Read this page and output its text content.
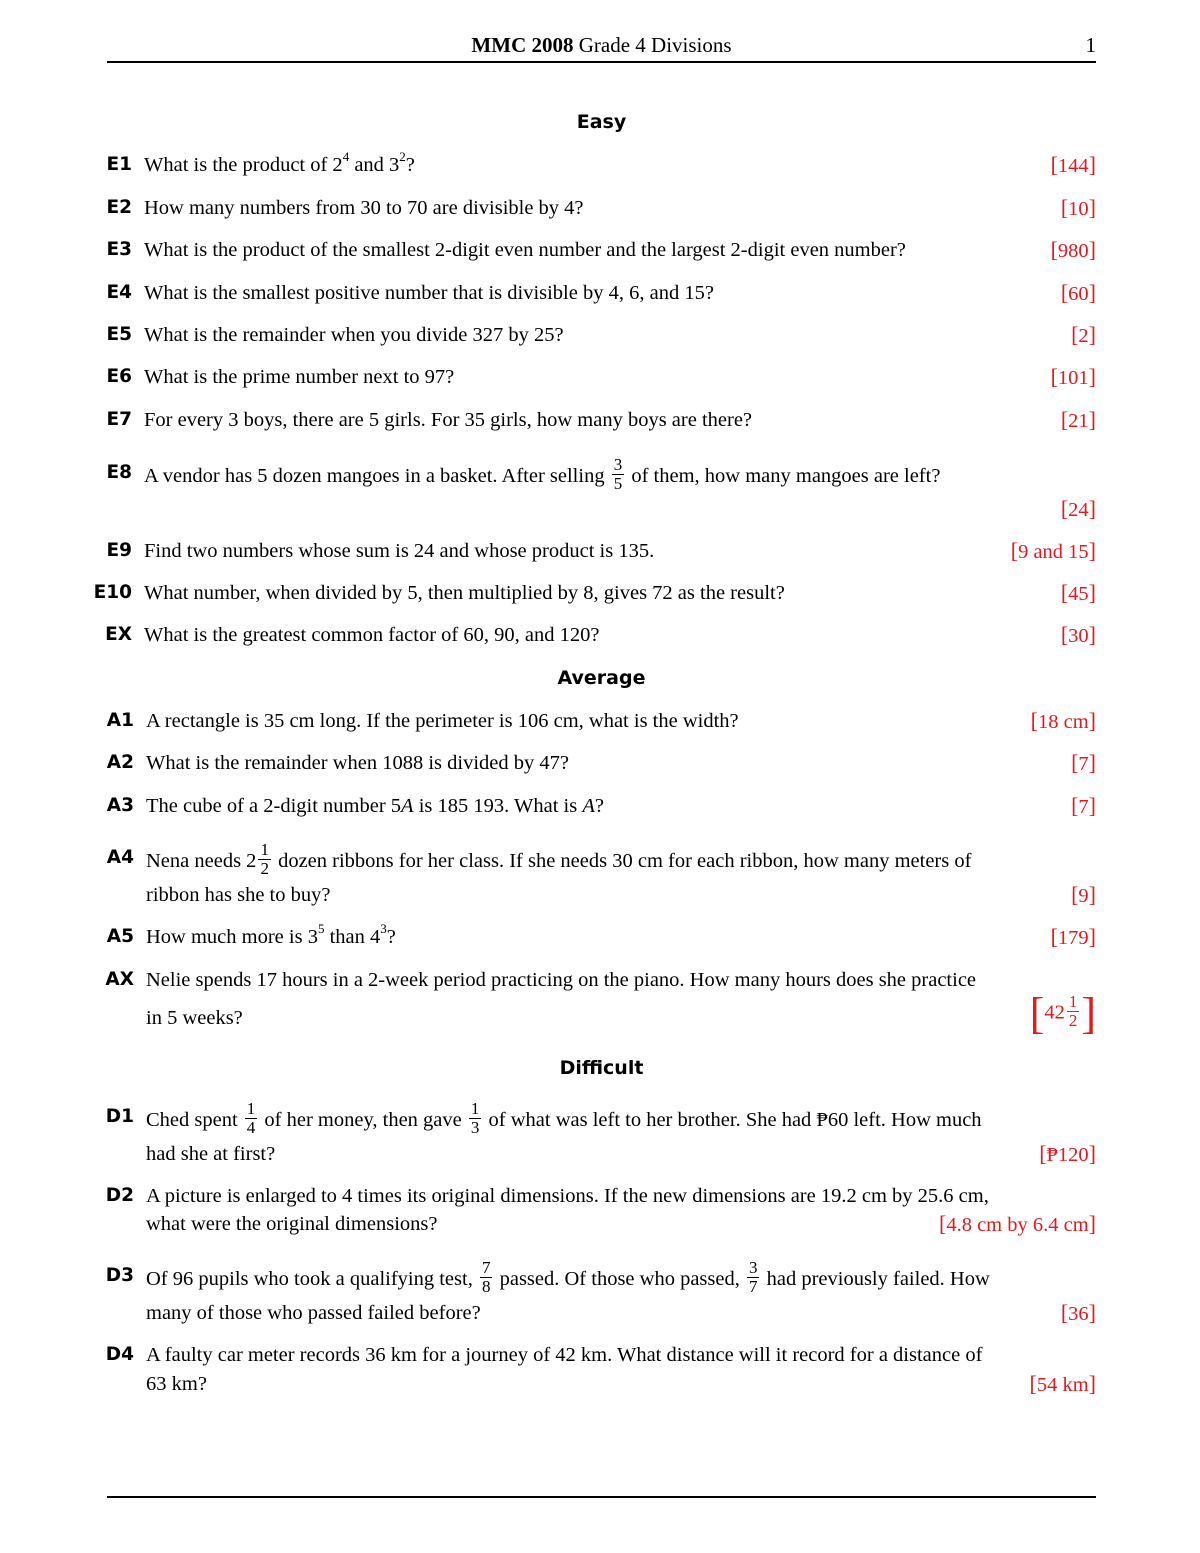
MMC 2008 Grade 4 Divisions	1
Easy
E1 What is the product of $2^4$ and $3^2$?	[144]
E2 How many numbers from 30 to 70 are divisible by 4?	[10]
E3 What is the product of the smallest 2-digit even number and the largest 2-digit even number?	[980]
E4 What is the smallest positive number that is divisible by 4, 6, and 15?	[60]
E5 What is the remainder when you divide 327 by 25?	[2]
E6 What is the prime number next to 97?	[101]
E7 For every 3 boys, there are 5 girls. For 35 girls, how many boys are there?	[21]
E8 A vendor has 5 dozen mangoes in a basket. After selling $\frac{3}{5}$ of them, how many mangoes are left?
[24]
E9 Find two numbers whose sum is 24 and whose product is 135.	[9 and 15]
E10 What number, when divided by 5, then multiplied by 8, gives 72 as the result?	[45]
EX What is the greatest common factor of 60, 90, and 120?	[30]
Average
A1 A rectangle is 35 cm long. If the perimeter is 106 cm, what is the width?	[18 cm]
A2 What is the remainder when 1088 is divided by 47?	[7]
A3 The cube of a 2-digit number 5A is 185 193. What is A?	[7]
A4 Nena needs $2 \frac{1}{2}$ dozen ribbons for her class. If she needs 30 cm for each ribbon, how many meters of
ribbon has she to buy?	[9]
A5 How much more is $3^5$ than $4^3$?	[179]
AX Nelie spends 17 hours in a 2-week period practicing on the piano. How many hours does she practice
in 5 weeks?	[$42 \frac{1}{2}$ ]
Difficult
D1 Ched spent $\frac{1}{4}$ of her money, then gave $\frac{1}{3}$ of what was left to her brother. She had ₱60 left. How much
had she at first?	[₱120]
D2 A picture is enlarged to 4 times its original dimensions. If the new dimensions are 19.2 cm by 25.6 cm,
what were the original dimensions?	[4.8 cm by 6.4 cm]
D3 Of 96 pupils who took a qualifying test, $\frac{7}{8}$ passed. Of those who passed, $\frac{3}{7}$ had previously failed. How
many of those who passed failed before?	[36]
D4 A faulty car meter records 36 km for a journey of 42 km. What distance will it record for a distance of
63 km?	[54 km]
